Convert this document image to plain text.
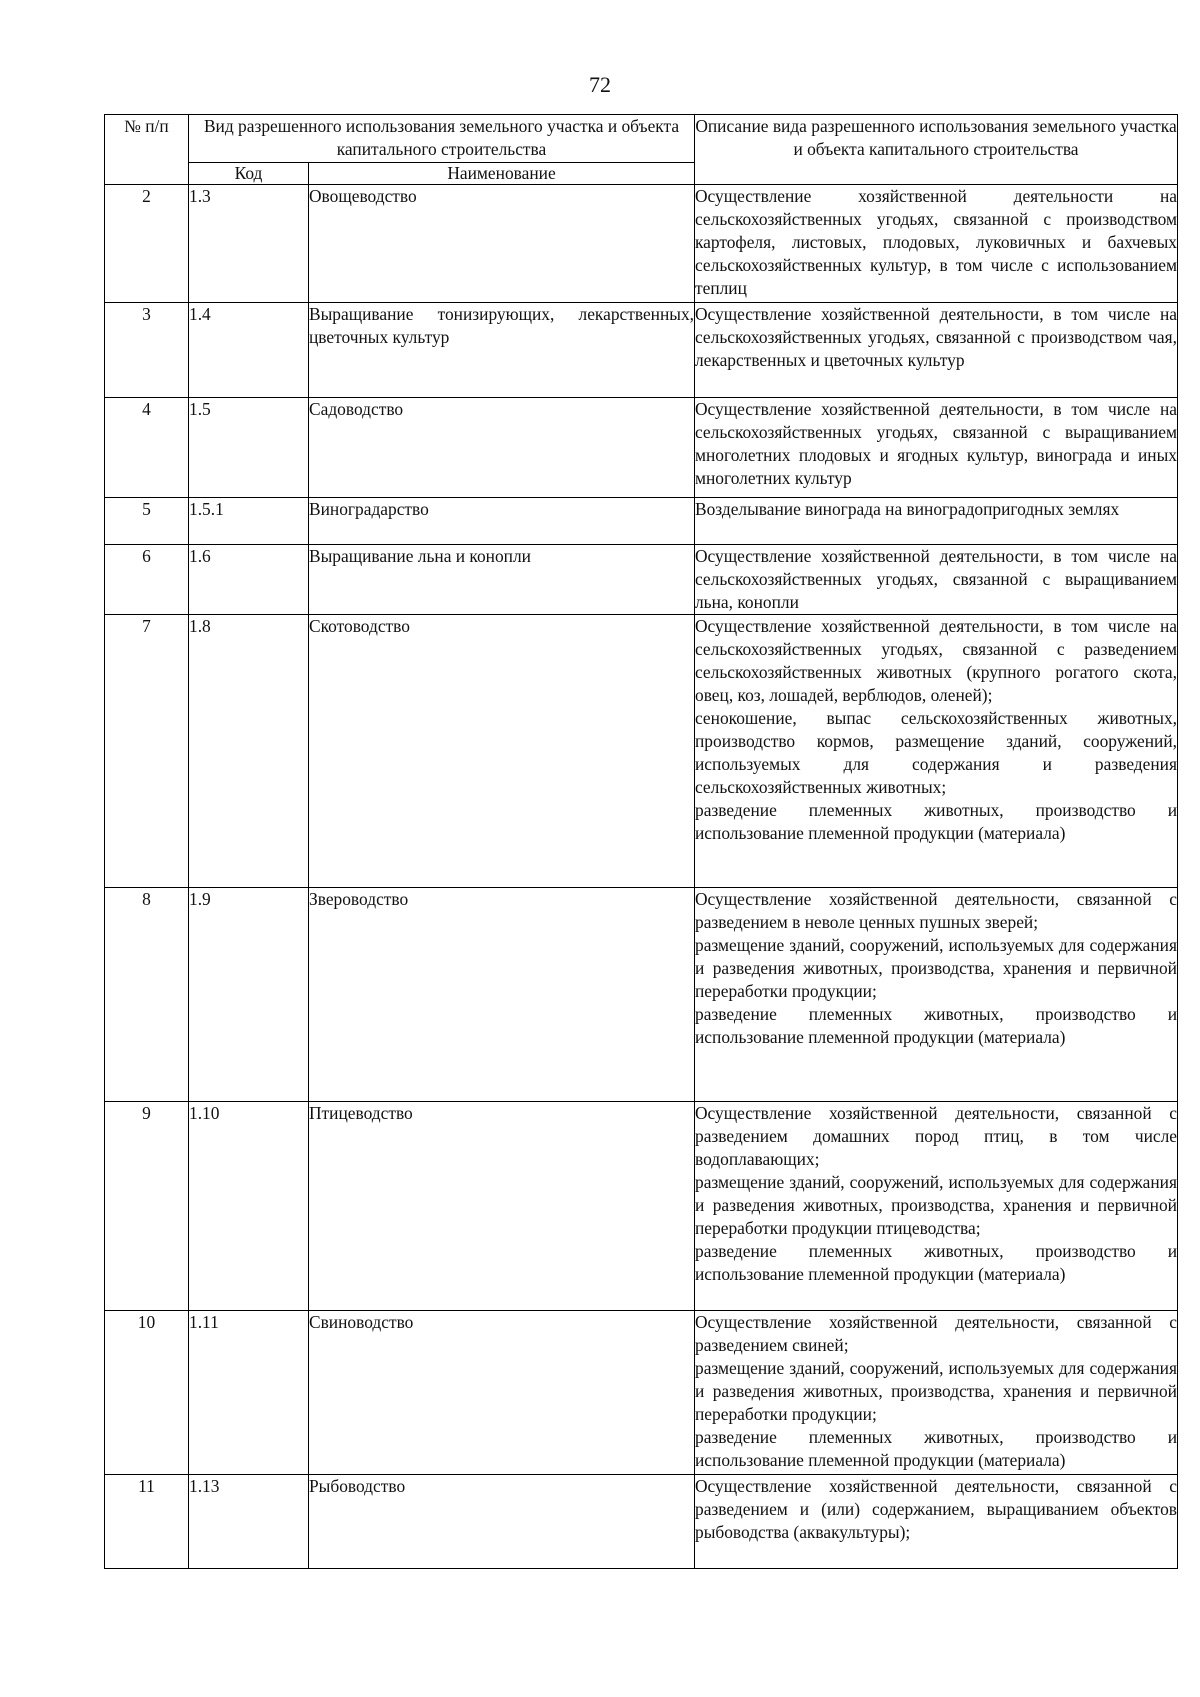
72
№ п/п	Вид разрешенного использования земельного участка и объекта капитального строительства		Описание вида разрешенного использования земельного участка и объекта капитального строительства
	Код	Наименование	
2	1.3	Овощеводство	Осуществление хозяйственной деятельности на сельскохозяйственных угодьях, связанной с производством картофеля, листовых, плодовых, луковичных и бахчевых сельскохозяйственных культур, в том числе с использованием теплиц

3	1.4	Выращивание тонизирующих, лекарственных, цветочных культур	Осуществление хозяйственной деятельности, в том числе на сельскохозяйственных угодьях, связанной с производством чая, лекарственных и цветочных культур

4	1.5	Садоводство	Осуществление хозяйственной деятельности, в том числе на сельскохозяйственных угодьях, связанной с выращиванием многолетних плодовых и ягодных культур, винограда и иных многолетних культур

5	1.5.1	Виноградарство	Возделывание винограда на виноградопригодных землях

6	1.6	Выращивание льна и конопли	Осуществление хозяйственной деятельности, в том числе на сельскохозяйственных угодьях, связанной с выращиванием льна, конопли

7	1.8	Скотоводство	Осуществление хозяйственной деятельности, в том числе на сельскохозяйственных угодьях, связанной с разведением сельскохозяйственных животных (крупного рогатого скота, овец, коз, лошадей, верблюдов, оленей);
сенокошение, выпас сельскохозяйственных животных, производство кормов, размещение зданий, сооружений, используемых для содержания и разведения сельскохозяйственных животных;
разведение племенных животных, производство и использование племенной продукции (материала)

8	1.9	Звероводство	Осуществление хозяйственной деятельности, связанной с разведением в неволе ценных пушных зверей;
размещение зданий, сооружений, используемых для содержания и разведения животных, производства, хранения и первичной переработки продукции;
разведение племенных животных, производство и использование племенной продукции (материала)

9	1.10	Птицеводство	Осуществление хозяйственной деятельности, связанной с разведением домашних пород птиц, в том числе водоплавающих;
размещение зданий, сооружений, используемых для содержания и разведения животных, производства, хранения и первичной переработки продукции птицеводства;
разведение племенных животных, производство и использование племенной продукции (материала)

10	1.11	Свиноводство	Осуществление хозяйственной деятельности, связанной с разведением свиней;
размещение зданий, сооружений, используемых для содержания и разведения животных, производства, хранения и первичной переработки продукции;
разведение племенных животных, производство и использование племенной продукции (материала)

11	1.13	Рыбоводство	Осуществление хозяйственной деятельности, связанной с разведением и (или) содержанием, выращиванием объектов рыбоводства (аквакультуры);
